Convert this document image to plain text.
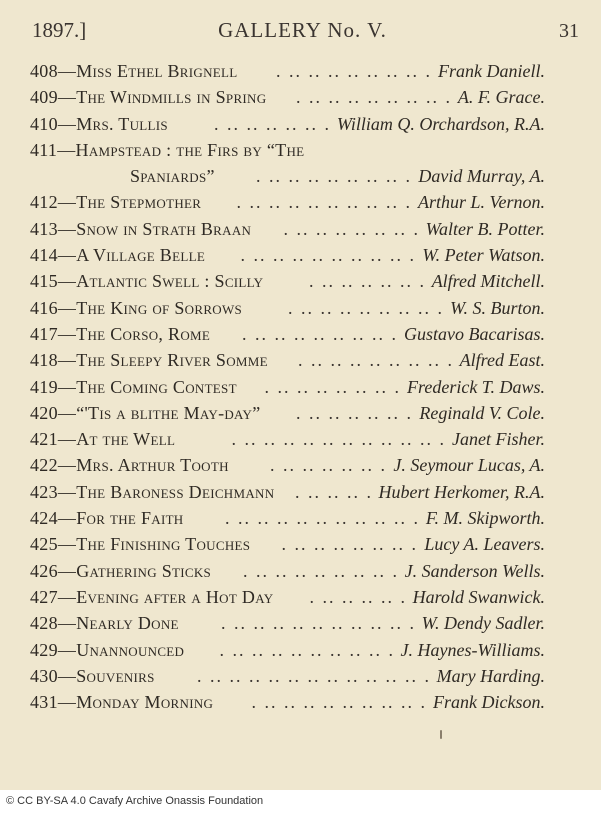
1897.]	GALLERY No. V.	31
408—Miss Ethel Brignell	Frank Daniell.
. .. .. .. .. .. .. .. .
409—The Windmills in Spring	A. F. Grace.
. .. .. .. .. .. .. .. .
410—Mrs. Tullis	William Q. Orchardson, R.A.
. .. .. .. .. .. .
411—Hampstead : the Firs by “The
Spaniards”	David Murray, A.
. .. .. .. .. .. .. .. .
412—The Stepmother	Arthur L. Vernon.
. .. .. .. .. .. .. .. .. .
413—Snow in Strath Braan	Walter B. Potter.
. .. .. .. .. .. .. .
414—A Village Belle	W. Peter Watson.
. .. .. .. .. .. .. .. .. .
415—Atlantic Swell : Scilly	Alfred Mitchell.
. .. .. .. .. .. .
416—The King of Sorrows	W. S. Burton.
. .. .. .. .. .. .. .. .
417—The Corso, Rome	Gustavo Bacarisas.
. .. .. .. .. .. .. .. .
418—The Sleepy River Somme	Alfred East.
. .. .. .. .. .. .. .. .
419—The Coming Contest	Frederick T. Daws.
. .. .. .. .. .. .. .
420—“'Tis a blithe May-day”	Reginald V. Cole.
. .. .. .. .. .. .
421—At the Well	Janet Fisher.
. .. .. .. .. .. .. .. .. .. .. .
422—Mrs. Arthur Tooth	J. Seymour Lucas, A.
. .. .. .. .. .. .
423—The Baroness Deichmann	Hubert Herkomer, R.A.
. .. .. .. .
424—For the Faith	F. M. Skipworth.
. .. .. .. .. .. .. .. .. .. .
425—The Finishing Touches	Lucy A. Leavers.
. .. .. .. .. .. .. .
426—Gathering Sticks	J. Sanderson Wells.
. .. .. .. .. .. .. .. .
427—Evening after a Hot Day	Harold Swanwick.
. .. .. .. .. .
428—Nearly Done	W. Dendy Sadler.
. .. .. .. .. .. .. .. .. .. .
429—Unannounced	J. Haynes-Williams.
. .. .. .. .. .. .. .. .. .
430—Souvenirs	Mary Harding.
. .. .. .. .. .. .. .. .. .. .. .. .
431—Monday Morning	Frank Dickson.
. .. .. .. .. .. .. .. .. .
© CC BY-SA 4.0 Cavafy Archive Onassis Foundation
